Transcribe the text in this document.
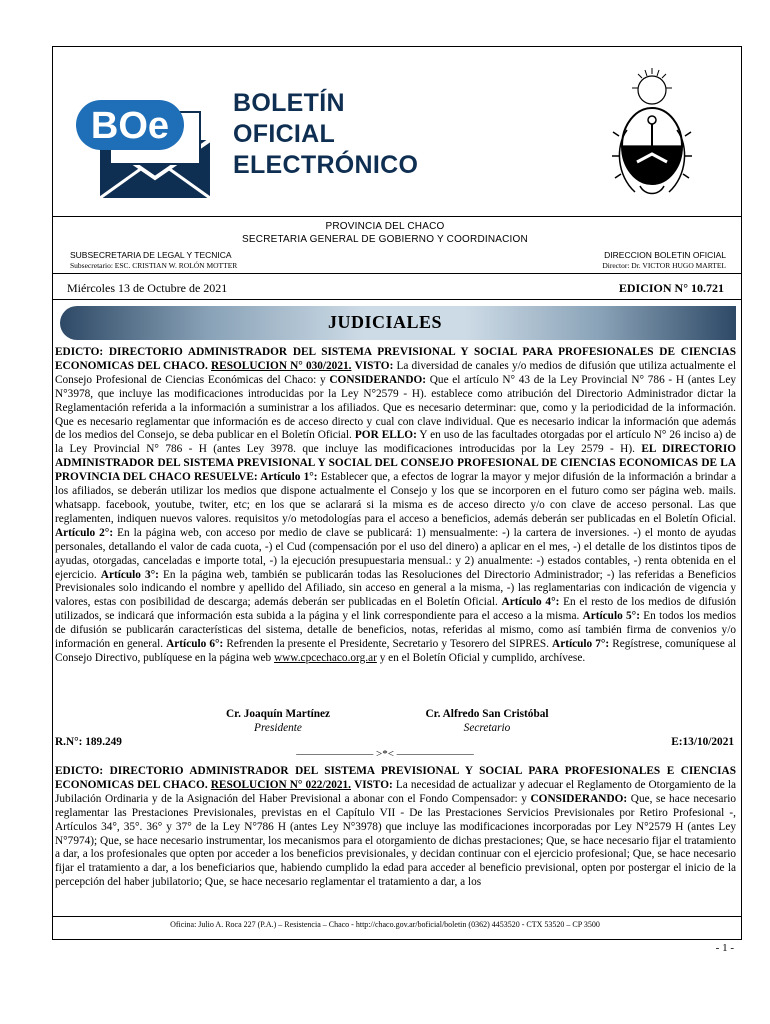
BOe
BOLETÍN
OFICIAL
ELECTRÓNICO
PROVINCIA DEL CHACO
SECRETARIA GENERAL DE GOBIERNO Y COORDINACION
SUBSECRETARIA DE LEGAL Y TECNICA	DIRECCION BOLETIN OFICIAL
Subsecretario: ESC. CRISTIAN W. ROLÓN MOTTER	Director: Dr. VICTOR HUGO MARTEL
Miércoles 13 de Octubre de 2021	EDICION N° 10.721
JUDICIALES
EDICTO: DIRECTORIO ADMINISTRADOR DEL SISTEMA PREVISIONAL Y SOCIAL PARA PROFESIONALES DE CIENCIAS ECONOMICAS DEL CHACO. RESOLUCION N° 030/2021. VISTO: La diversidad de canales y/o medios de difusión que utiliza actualmente el Consejo Profesional de Ciencias Económicas del Chaco: y CONSIDERANDO: Que el artículo N° 43 de la Ley Provincial N° 786 - H (antes Ley N°3978, que incluye las modificaciones introducidas por la Ley N°2579 - H). establece como atribución del Directorio Administrador dictar la Reglamentación referida a la información a suministrar a los afiliados. Que es necesario determinar: que, como y la periodicidad de la información. Que es necesario reglamentar que información es de acceso directo y cual con clave individual. Que es necesario indicar la información que además de los medios del Consejo, se deba publicar en el Boletín Oficial. POR ELLO: Y en uso de las facultades otorgadas por el artículo N° 26 inciso a) de la Ley Provincial N° 786 - H (antes Ley 3978. que incluye las modificaciones introducidas por la Ley 2579 - H). EL DIRECTORIO ADMINISTRADOR DEL SISTEMA PREVISIONAL Y SOCIAL DEL CONSEJO PROFESIONAL DE CIENCIAS ECONOMICAS DE LA PROVINCIA DEL CHACO RESUELVE: Artículo 1°: Establecer que, a efectos de lograr la mayor y mejor difusión de la información a brindar a los afiliados, se deberán utilizar los medios que dispone actualmente el Consejo y los que se incorporen en el futuro como ser página web. mails. whatsapp. facebook, youtube, twiter, etc; en los que se aclarará si la misma es de acceso directo y/o con clave de acceso personal. Las que reglamenten, indiquen nuevos valores. requisitos y/o metodologías para el acceso a beneficios, además deberán ser publicadas en el Boletín Oficial. Artículo 2°: En la página web, con acceso por medio de clave se publicará: 1) mensualmente: -) la cartera de inversiones. -) el monto de ayudas personales, detallando el valor de cada cuota, -) el Cud (compensación por el uso del dinero) a aplicar en el mes, -) el detalle de los distintos tipos de ayudas, otorgadas, canceladas e importe total, -) la ejecución presupuestaria mensual.: y 2) anualmente: -) estados contables, -) renta obtenida en el ejercicio. Artículo 3°: En la página web, también se publicarán todas las Resoluciones del Directorio Administrador; -) las referidas a Beneficios Previsionales solo indicando el nombre y apellido del Afiliado, sin acceso en general a la misma, -) las reglamentarias con indicación de vigencia y valores, estas con posibilidad de descarga; además deberán ser publicadas en el Boletín Oficial. Artículo 4°: En el resto de los medios de difusión utilizados, se indicará que información esta subida a la página y el link correspondiente para el acceso a la misma. Artículo 5°: En todos los medios de difusión se publicarán características del sistema, detalle de beneficios, notas, referidas al mismo, como así también firma de convenios y/o información en general. Artículo 6°: Refrenden la presente el Presidente, Secretario y Tesorero del SIPRES. Artículo 7°: Regístrese, comuníquese al Consejo Directivo, publíquese en la página web www.cpcechaco.org.ar y en el Boletín Oficial y cumplido, archívese.
Cr. Joaquín Martínez	Cr. Alfredo San Cristóbal
Presidente	Secretario
R.N°: 189.249	E:13/10/2021
——————— >*< ———————
EDICTO: DIRECTORIO ADMINISTRADOR DEL SISTEMA PREVISIONAL Y SOCIAL PARA PROFESIONALES E CIENCIAS ECONOMICAS DEL CHACO. RESOLUCION N° 022/2021. VISTO: La necesidad de actualizar y adecuar el Reglamento de Otorgamiento de la Jubilación Ordinaria y de la Asignación del Haber Previsional a abonar con el Fondo Compensador: y CONSIDERANDO: Que, se hace necesario reglamentar las Prestaciones Previsionales, previstas en el Capítulo VII - De las Prestaciones Servicios Previsionales por Retiro Profesional -, Artículos 34°, 35°. 36° y 37° de la Ley N°786 H (antes Ley N°3978) que incluye las modificaciones incorporadas por Ley N°2579 H (antes Ley N°7974); Que, se hace necesario instrumentar, los mecanismos para el otorgamiento de dichas prestaciones; Que, se hace necesario fijar el tratamiento a dar, a los profesionales que opten por acceder a los beneficios previsionales, y decidan continuar con el ejercicio profesional; Que, se hace necesario fijar el tratamiento a dar, a los beneficiarios que, habiendo cumplido la edad para acceder al beneficio previsional, opten por postergar el inicio de la percepción del haber jubilatorio; Que, se hace necesario reglamentar el tratamiento a dar, a los
Oficina: Julio A. Roca 227 (P.A.) – Resistencia – Chaco - http://chaco.gov.ar/boficial/boletin (0362) 4453520 - CTX 53520 – CP 3500
- 1 -
